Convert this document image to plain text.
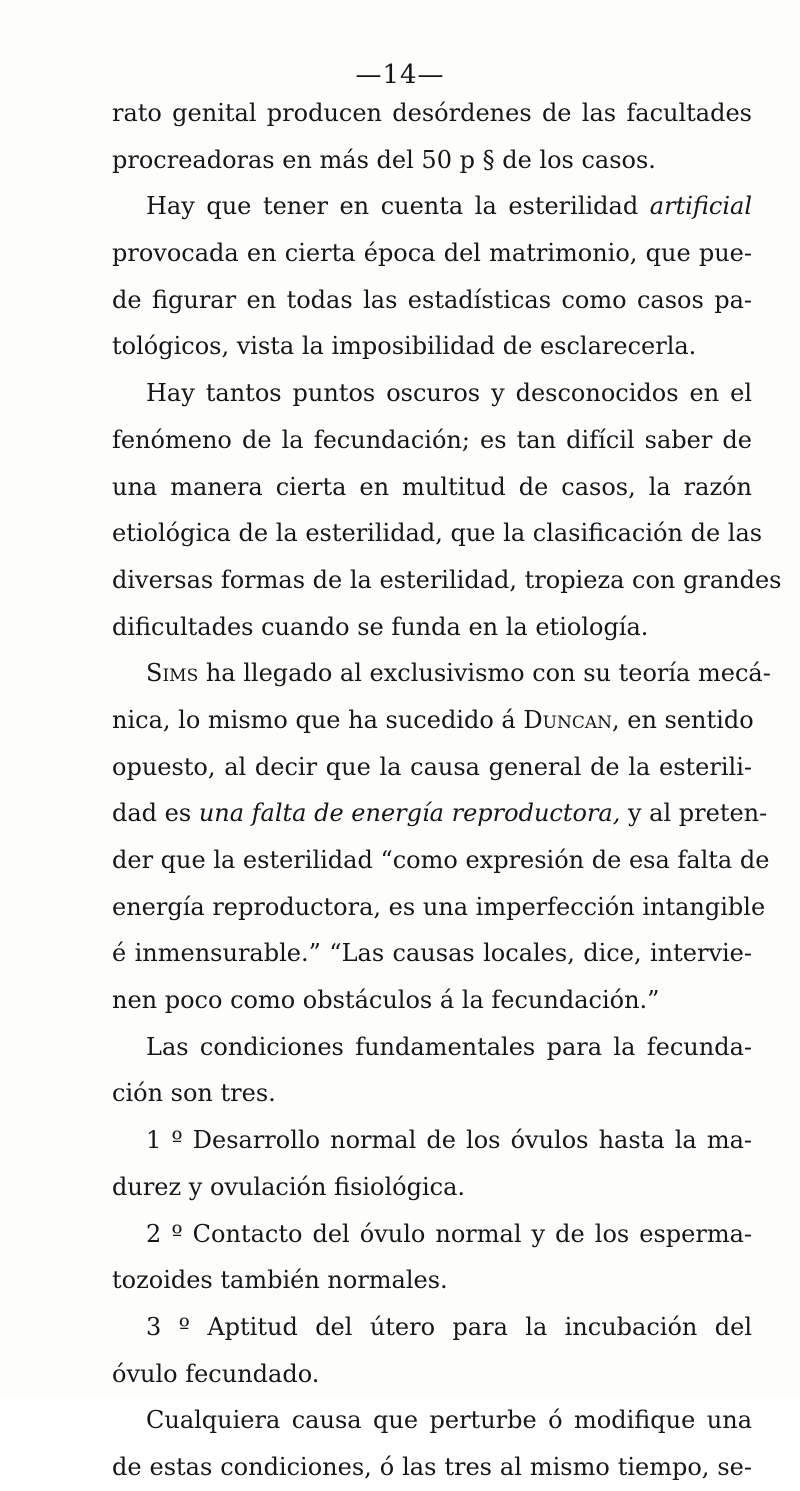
—14—
rato genital producen desórdenes de las facultades
procreadoras en más del 50 p § de los casos.
Hay que tener en cuenta la esterilidad artificial
provocada en cierta época del matrimonio, que pue-
de figurar en todas las estadísticas como casos pa-
tológicos, vista la imposibilidad de esclarecerla.
Hay tantos puntos oscuros y desconocidos en el
fenómeno de la fecundación; es tan difícil saber de
una manera cierta en multitud de casos, la razón
etiológica de la esterilidad, que la clasificación de las
diversas formas de la esterilidad, tropieza con grandes
dificultades cuando se funda en la etiología.
Sims ha llegado al exclusivismo con su teoría mecá-
nica, lo mismo que ha sucedido á Duncan, en sentido
opuesto, al decir que la causa general de la esterili-
dad es una falta de energía reproductora, y al preten-
der que la esterilidad “como expresión de esa falta de
energía reproductora, es una imperfección intangible
é inmensurable.” “Las causas locales, dice, intervie-
nen poco como obstáculos á la fecundación.”
Las condiciones fundamentales para la fecunda-
ción son tres.
1 º Desarrollo normal de los óvulos hasta la ma-
durez y ovulación fisiológica.
2 º Contacto del óvulo normal y de los esperma-
tozoides también normales.
3 º Aptitud del útero para la incubación del
óvulo fecundado.
Cualquiera causa que perturbe ó modifique una
de estas condiciones, ó las tres al mismo tiempo, se-
